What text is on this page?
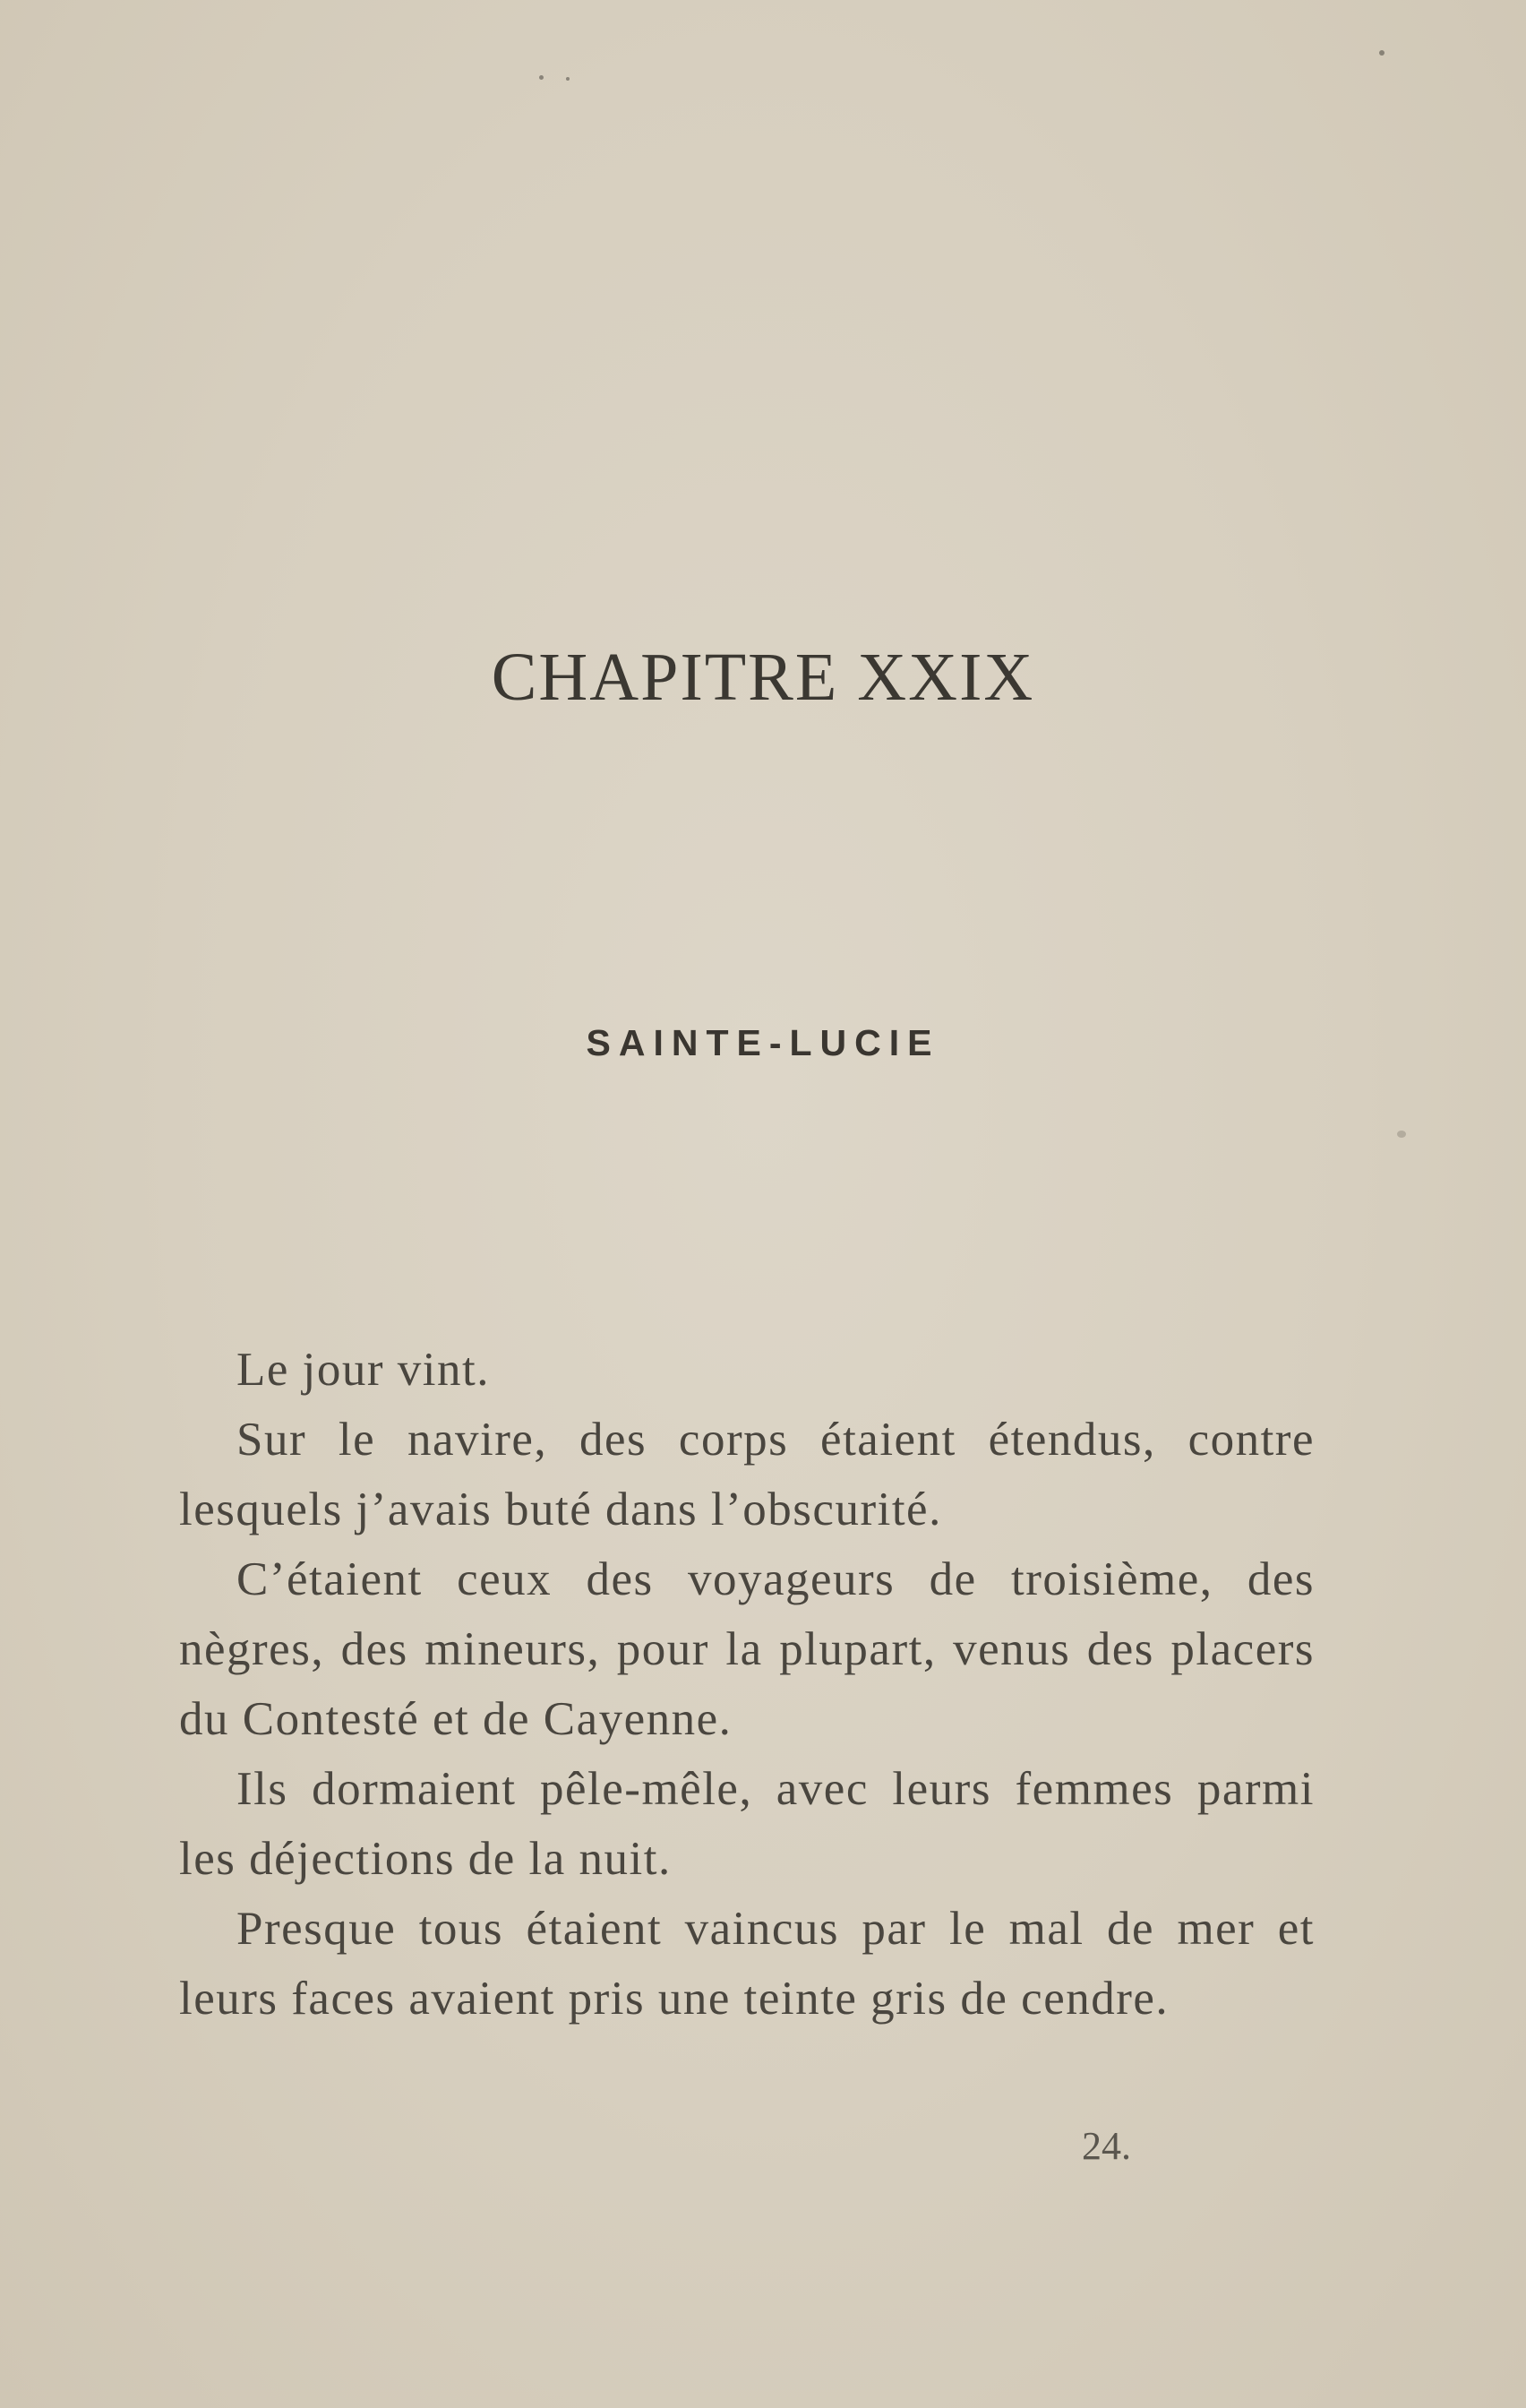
CHAPITRE XXIX
SAINTE-LUCIE

Le jour vint.

Sur le navire, des corps étaient étendus, contre lesquels j’avais buté dans l’obscurité.

C’étaient ceux des voyageurs de troisième, des nègres, des mineurs, pour la plupart, venus des placers du Contesté et de Cayenne.

Ils dormaient pêle-mêle, avec leurs femmes parmi les déjections de la nuit.

Presque tous étaient vaincus par le mal de mer et leurs faces avaient pris une teinte gris de cendre.

24.
